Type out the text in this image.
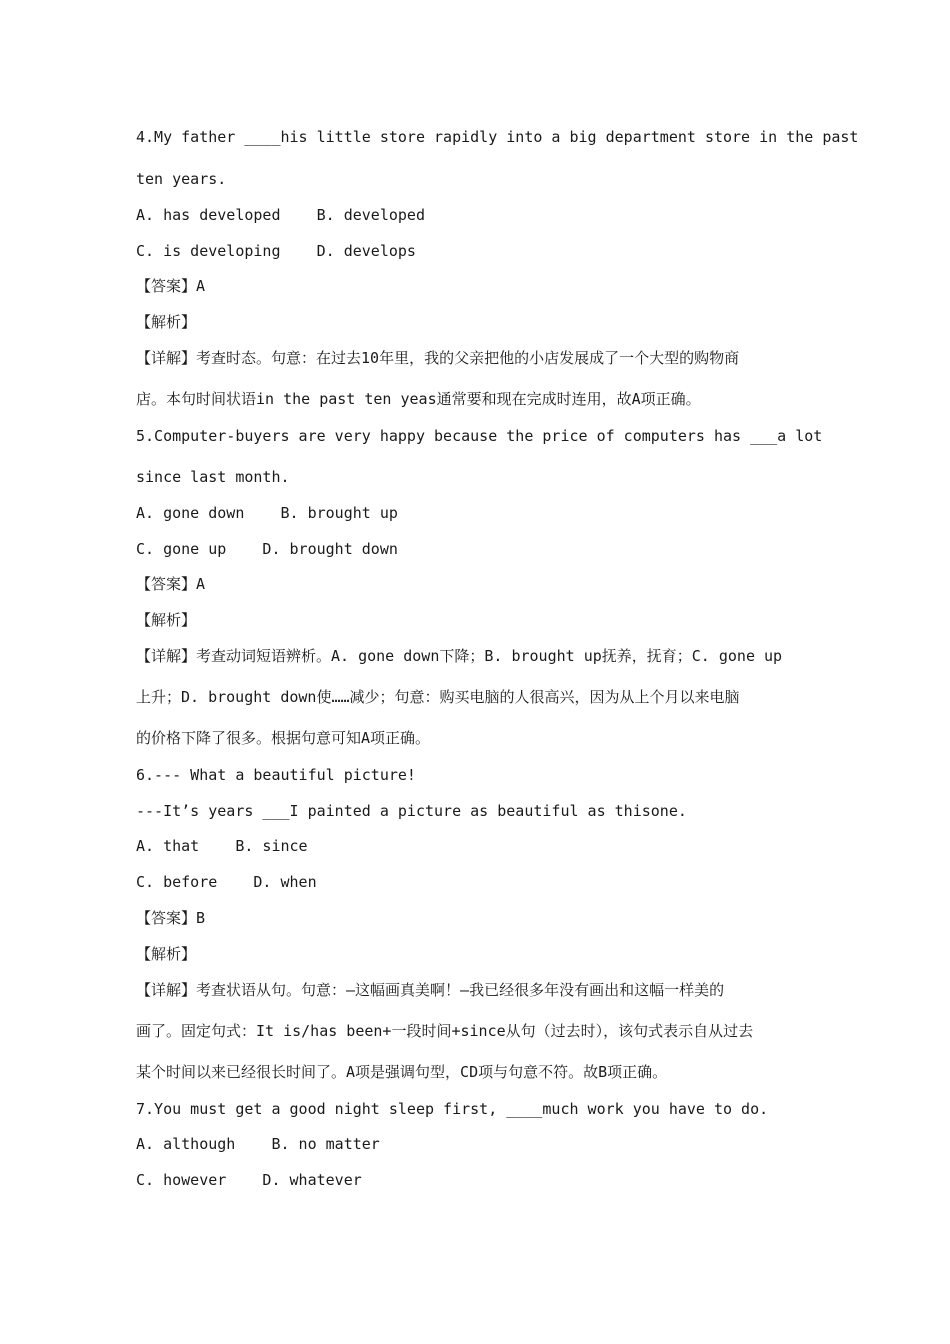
4.My father ____his little store rapidly into a big department store in the past
ten years.
A. has developed    B. developed
C. is developing    D. develops
【答案】A
【解析】
【详解】考查时态。句意：在过去10年里，我的父亲把他的小店发展成了一个大型的购物商
店。本句时间状语in the past ten yeas通常要和现在完成时连用，故A项正确。
5.Computer-buyers are very happy because the price of computers has ___a lot
since last month.
A. gone down    B. brought up
C. gone up    D. brought down
【答案】A
【解析】
【详解】考查动词短语辨析。A. gone down下降；B. brought up抚养，抚育；C. gone up
上升；D. brought down使……减少；句意：购买电脑的人很高兴，因为从上个月以来电脑
的价格下降了很多。根据句意可知A项正确。
6.--- What a beautiful picture!
---It’s years ___I painted a picture as beautiful as thisone.
A. that    B. since
C. before    D. when
【答案】B
【解析】
【详解】考查状语从句。句意：—这幅画真美啊！—我已经很多年没有画出和这幅一样美的
画了。固定句式：It is/has been+一段时间+since从句（过去时），该句式表示自从过去
某个时间以来已经很长时间了。A项是强调句型，CD项与句意不符。故B项正确。
7.You must get a good night sleep first, ____much work you have to do.
A. although    B. no matter
C. however    D. whatever
